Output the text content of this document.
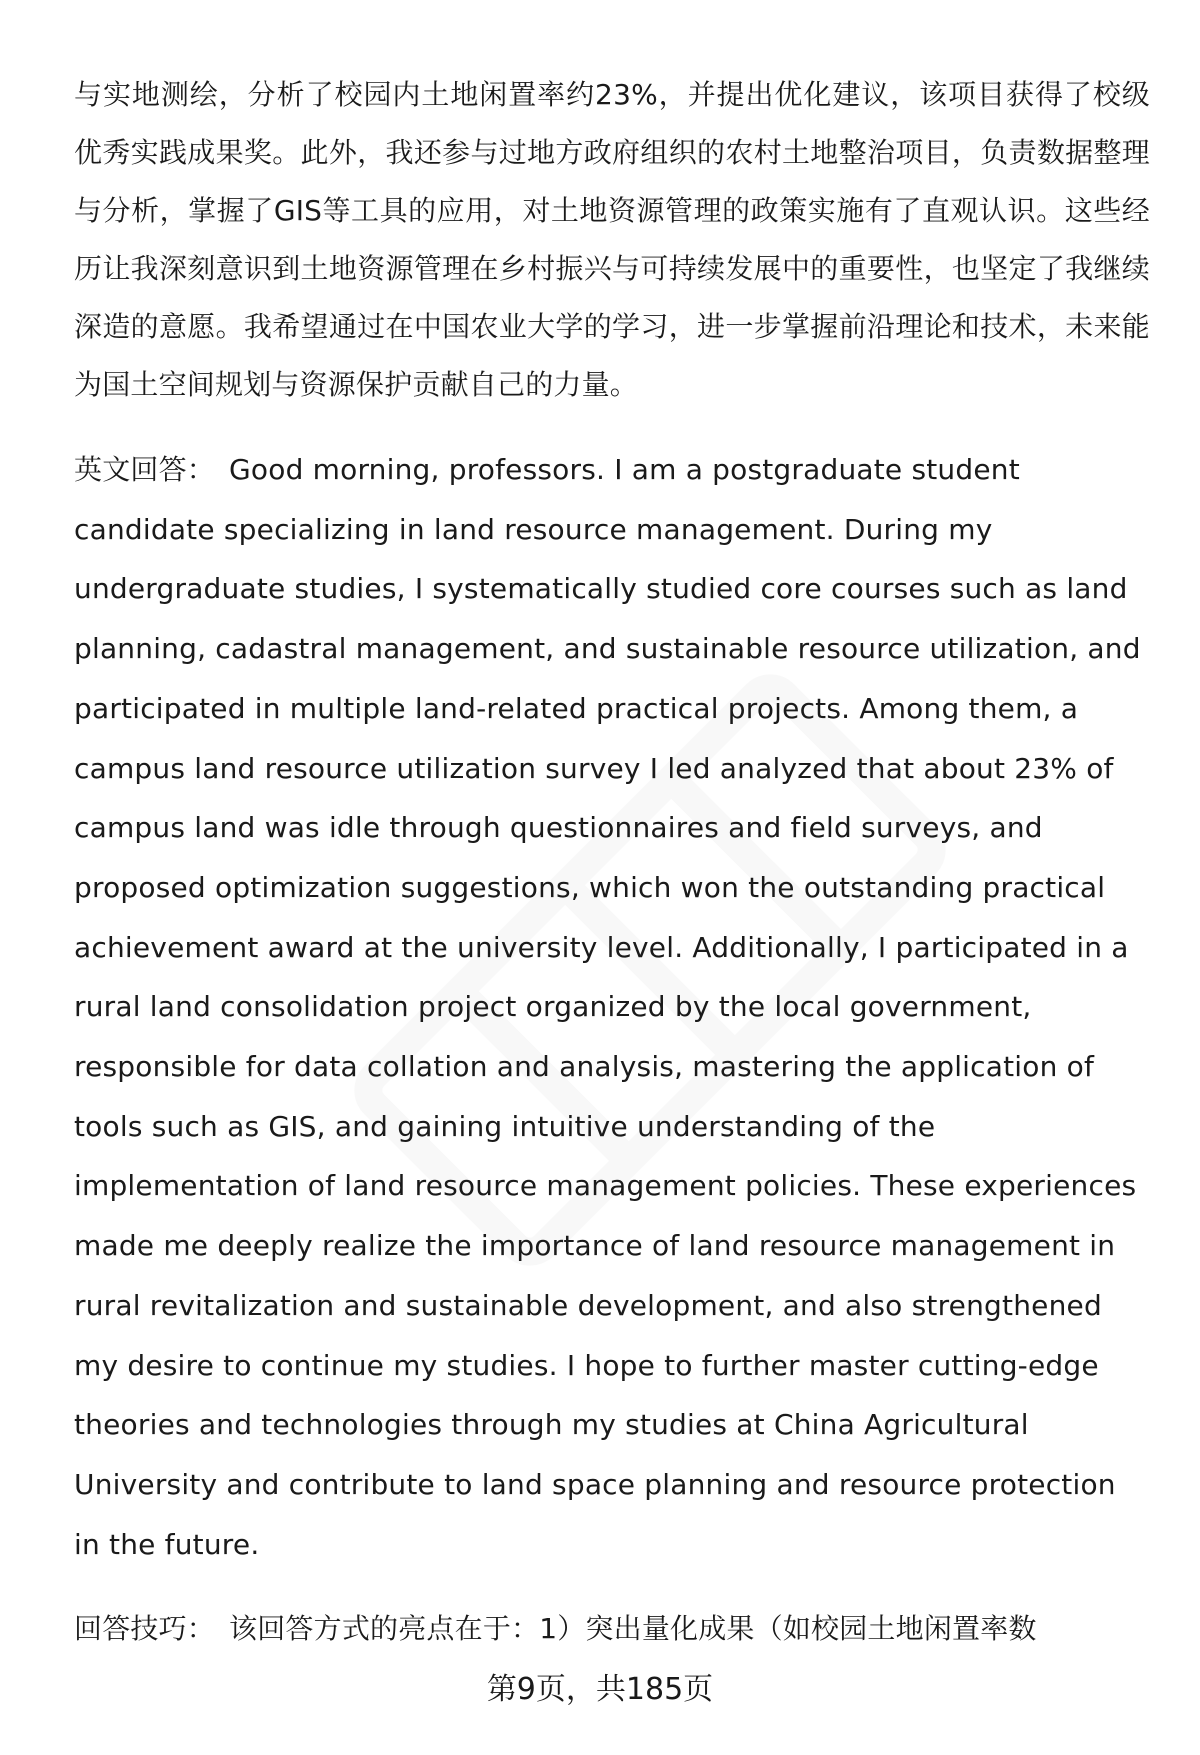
与实地测绘，分析了校园内土地闲置率约23%，并提出优化建议，该项目获得了校级优秀实践成果奖。此外，我还参与过地方政府组织的农村土地整治项目，负责数据整理与分析，掌握了GIS等工具的应用，对土地资源管理的政策实施有了直观认识。这些经历让我深刻意识到土地资源管理在乡村振兴与可持续发展中的重要性，也坚定了我继续深造的意愿。我希望通过在中国农业大学的学习，进一步掌握前沿理论和技术，未来能为国土空间规划与资源保护贡献自己的力量。

英文回答： Good morning, professors. I am a postgraduate student candidate specializing in land resource management. During my undergraduate studies, I systematically studied core courses such as land planning, cadastral management, and sustainable resource utilization, and participated in multiple land-related practical projects. Among them, a campus land resource utilization survey I led analyzed that about 23% of campus land was idle through questionnaires and field surveys, and proposed optimization suggestions, which won the outstanding practical achievement award at the university level. Additionally, I participated in a rural land consolidation project organized by the local government, responsible for data collation and analysis, mastering the application of tools such as GIS, and gaining intuitive understanding of the implementation of land resource management policies. These experiences made me deeply realize the importance of land resource management in rural revitalization and sustainable development, and also strengthened my desire to continue my studies. I hope to further master cutting-edge theories and technologies through my studies at China Agricultural University and contribute to land space planning and resource protection in the future.

回答技巧： 该回答方式的亮点在于：1）突出量化成果（如校园土地闲置率数

第9页，共185页
